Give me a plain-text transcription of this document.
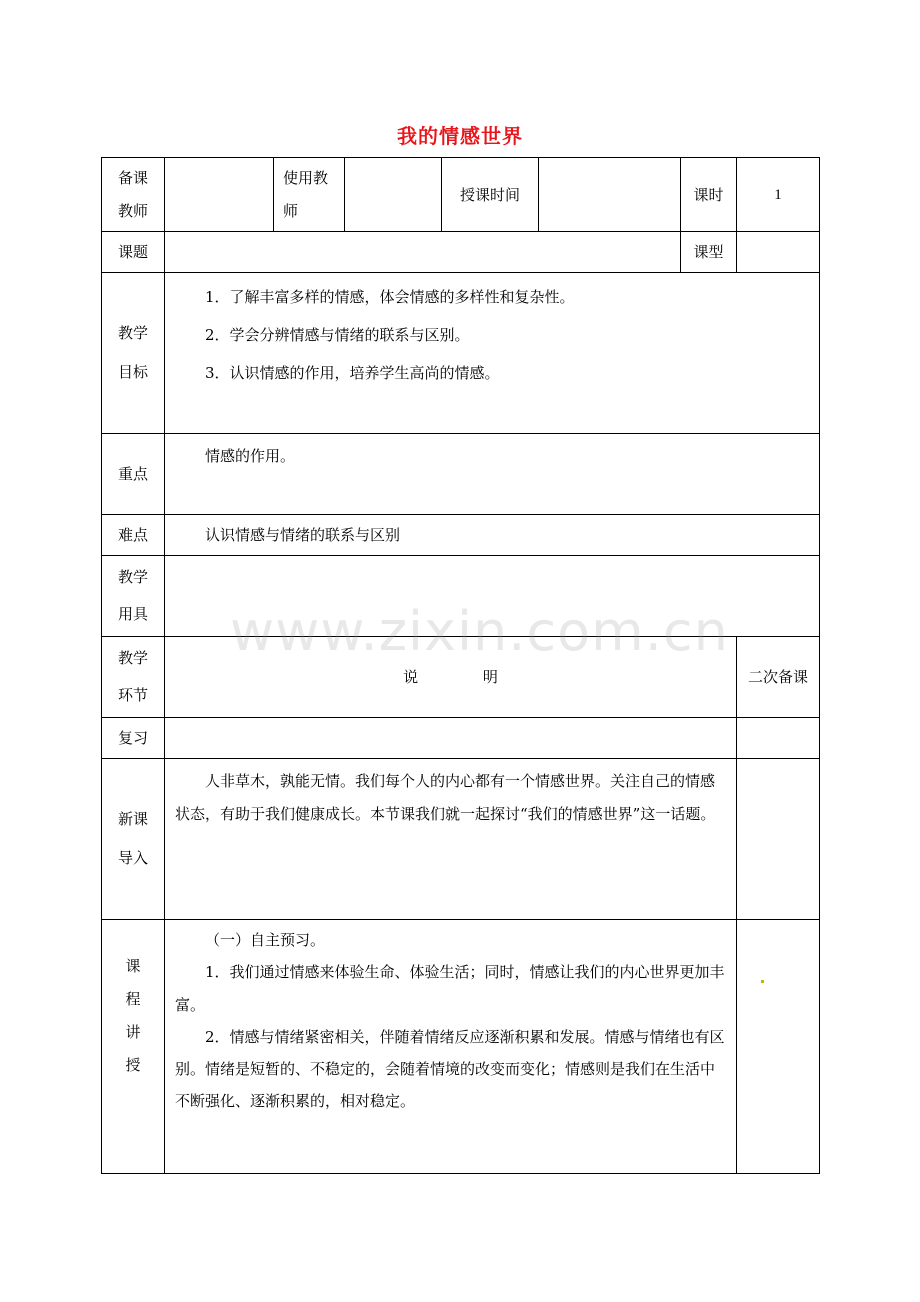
我的情感世界
备课教师		使用教师		授课时间		课时	1
课题						课型	

教学目标	1．了解丰富多样的情感，体会情感的多样性和复杂性。

2．学会分辨情感与情绪的联系与区别。

3．认识情感的作用，培养学生高尚的情感。						

重点	情感的作用。						

难点	认识情感与情绪的联系与区别						

教学用具							

教学环节	说 明						二次备课
复习							

新课导入	人非草木，孰能无情。我们每个人的内心都有一个情感世界。关注自己的情感状态，有助于我们健康成长。本节课我们就一起探讨“我们的情感世界”这一话题。						

课程讲授	（一）自主预习。

1．我们通过情感来体验生命、体验生活；同时，情感让我们的内心世界更加丰富。

2．情感与情绪紧密相关，伴随着情绪反应逐渐积累和发展。情感与情绪也有区别。情绪是短暂的、不稳定的，会随着情境的改变而变化；情感则是我们在生活中不断强化、逐渐积累的，相对稳定。						

www.zixin.com.cn
